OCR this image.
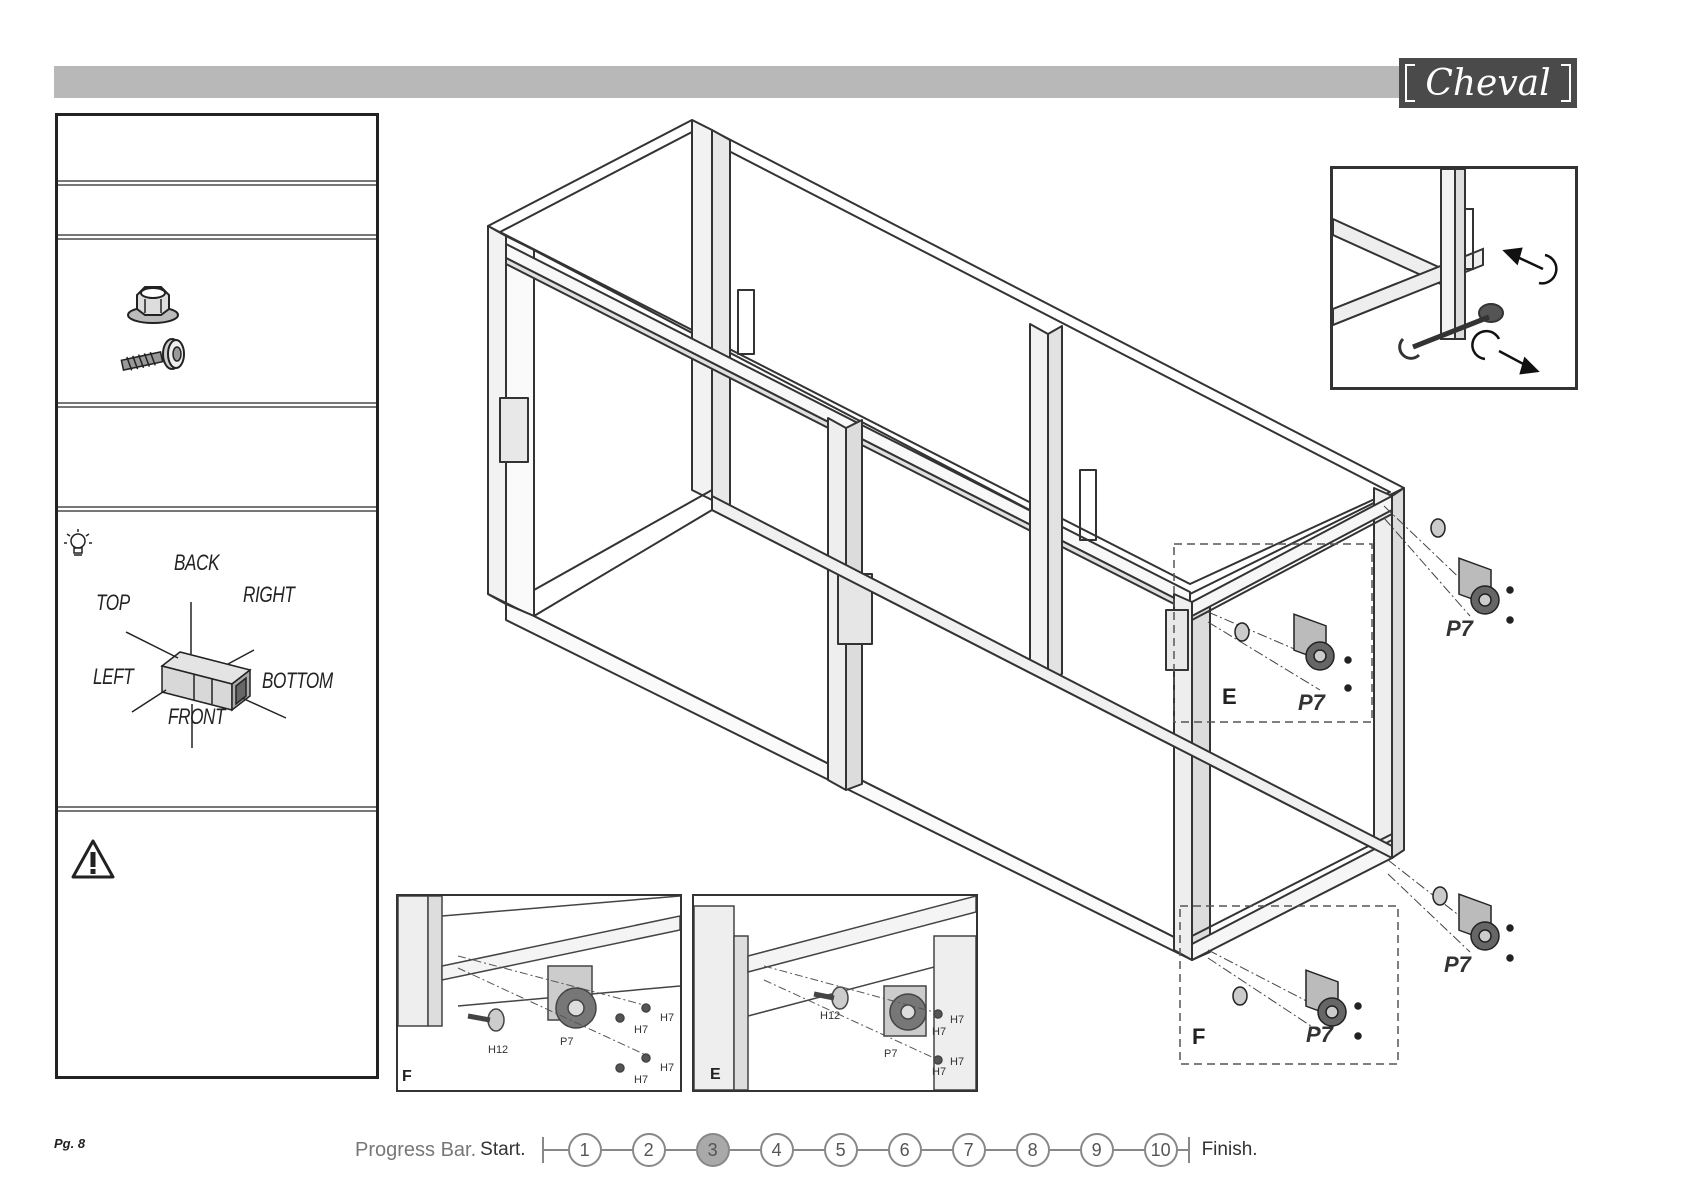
Cheval
BACK
RIGHT
TOP
LEFT	BOTTOM
FRONT
E
F
P7
P7
P7
P7
H12
P7
H7
H7
H7
H7
F
H12
P7
H7
H7
H7
H7
E
Pg. 8	Progress Bar. Start.	1	2	3	4	5	6	7	8	9	10	Finish.
